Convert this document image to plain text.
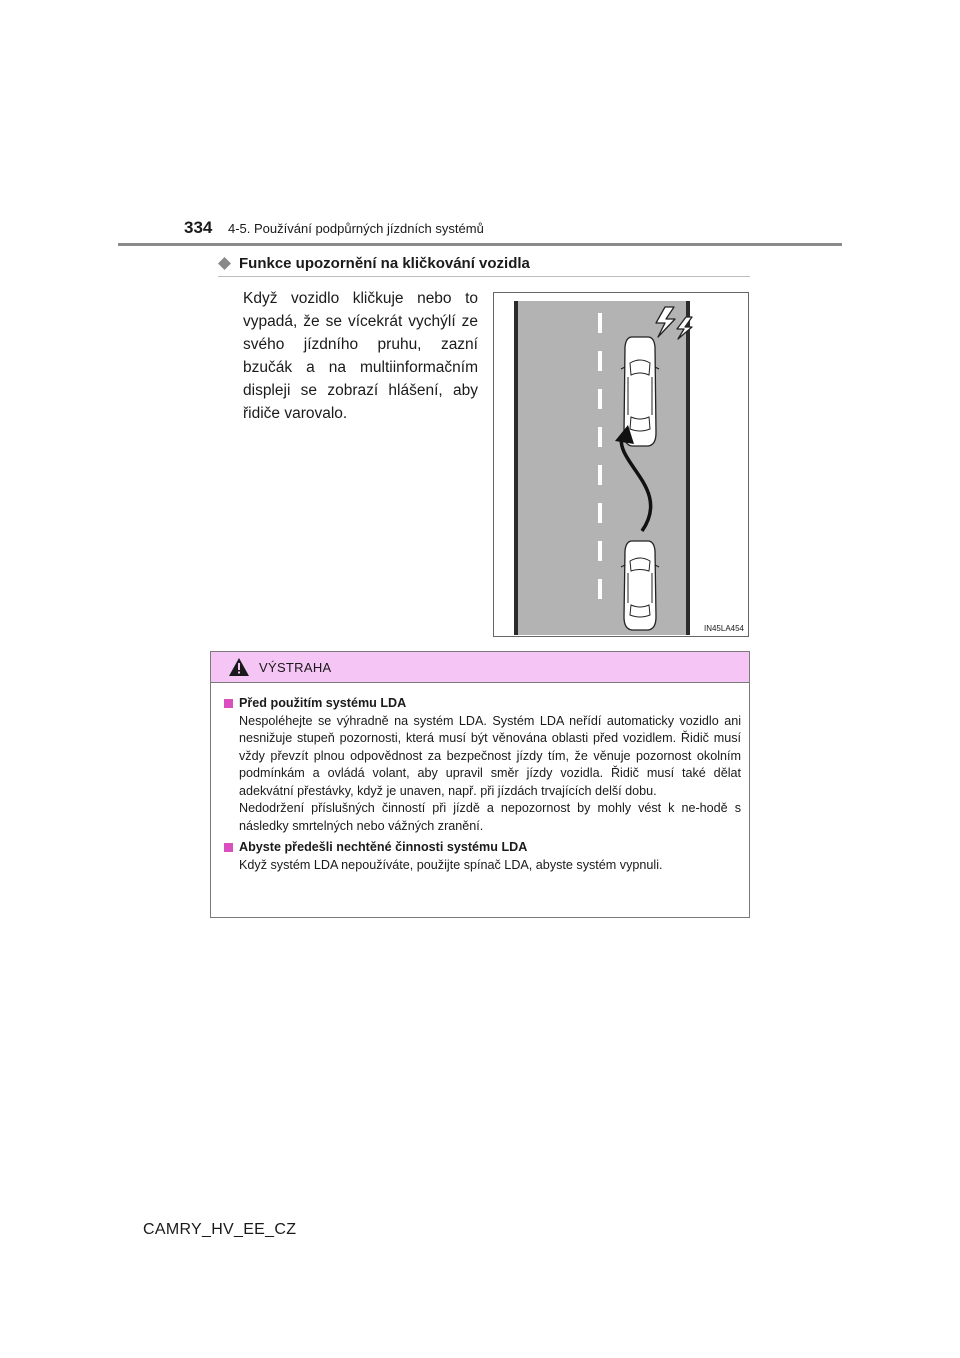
334 4-5. Používání podpůrných jízdních systémů
Funkce upozornění na kličkování vozidla
Když vozidlo kličkuje nebo to vypadá, že se vícekrát vychýlí ze svého jízdního pruhu, zazní bzučák a na multiinformačním displeji se zobrazí hlášení, aby řidiče varovalo.
IN45LA454
VÝSTRAHA
Před použitím systému LDA

Nespoléhejte se výhradně na systém LDA. Systém LDA neřídí automaticky vozidlo ani nesnižuje stupeň pozornosti, která musí být věnována oblasti před vozidlem. Řidič musí vždy převzít plnou odpovědnost za bezpečnost jízdy tím, že věnuje pozornost okolním podmínkám a ovládá volant, aby upravil směr jízdy vozidla. Řidič musí také dělat adekvátní přestávky, když je unaven, např. při jízdách trvajících delší dobu.

Nedodržení příslušných činností při jízdě a nepozornost by mohly vést k ne-hodě s následky smrtelných nebo vážných zranění.

Abyste předešli nechtěné činnosti systému LDA

Když systém LDA nepoužíváte, použijte spínač LDA, abyste systém vypnuli.

CAMRY_HV_EE_CZ
